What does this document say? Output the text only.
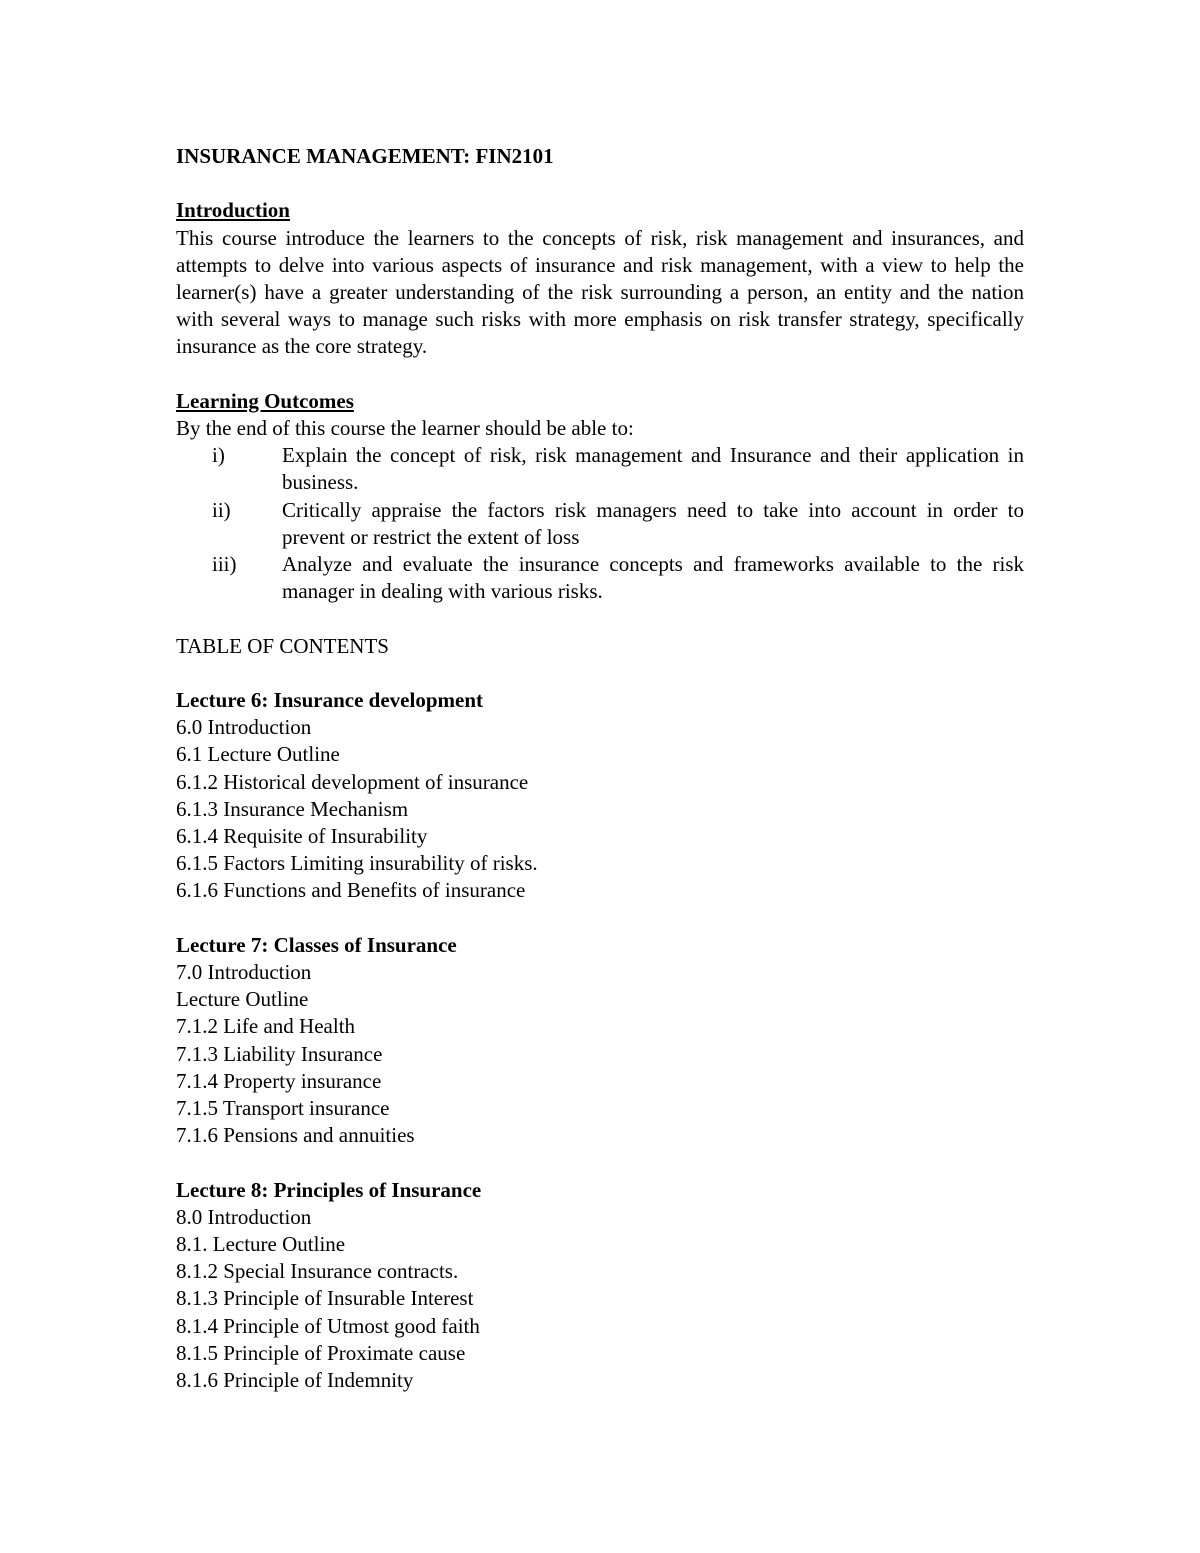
INSURANCE MANAGEMENT: FIN2101

Introduction

This course introduce the learners to the concepts of risk, risk management and insurances, and attempts to delve into various aspects of insurance and risk management, with a view to help the learner(s) have a greater understanding of the risk surrounding a person, an entity and the nation with several ways to manage such risks with more emphasis on risk transfer strategy, specifically insurance as the core strategy.

Learning Outcomes

By the end of this course the learner should be able to:

i)	Explain the concept of risk, risk management and Insurance and their application in business.
ii)	Critically appraise the factors risk managers need to take into account in order to prevent or restrict the extent of loss
iii)	Analyze and evaluate the insurance concepts and frameworks available to the risk manager in dealing with various risks.

TABLE OF CONTENTS

Lecture 6: Insurance development

6.0 Introduction
6.1 Lecture Outline
6.1.2 Historical development of insurance
6.1.3 Insurance Mechanism
6.1.4 Requisite of Insurability
6.1.5 Factors Limiting insurability of risks.
6.1.6 Functions and Benefits of insurance

Lecture 7: Classes of Insurance

7.0 Introduction
Lecture Outline
7.1.2 Life and Health
7.1.3 Liability Insurance
7.1.4 Property insurance
7.1.5 Transport insurance
7.1.6 Pensions and annuities

Lecture 8: Principles of Insurance

8.0 Introduction
8.1. Lecture Outline
8.1.2 Special Insurance contracts.
8.1.3 Principle of Insurable Interest
8.1.4 Principle of Utmost good faith
8.1.5 Principle of Proximate cause
8.1.6 Principle of Indemnity
